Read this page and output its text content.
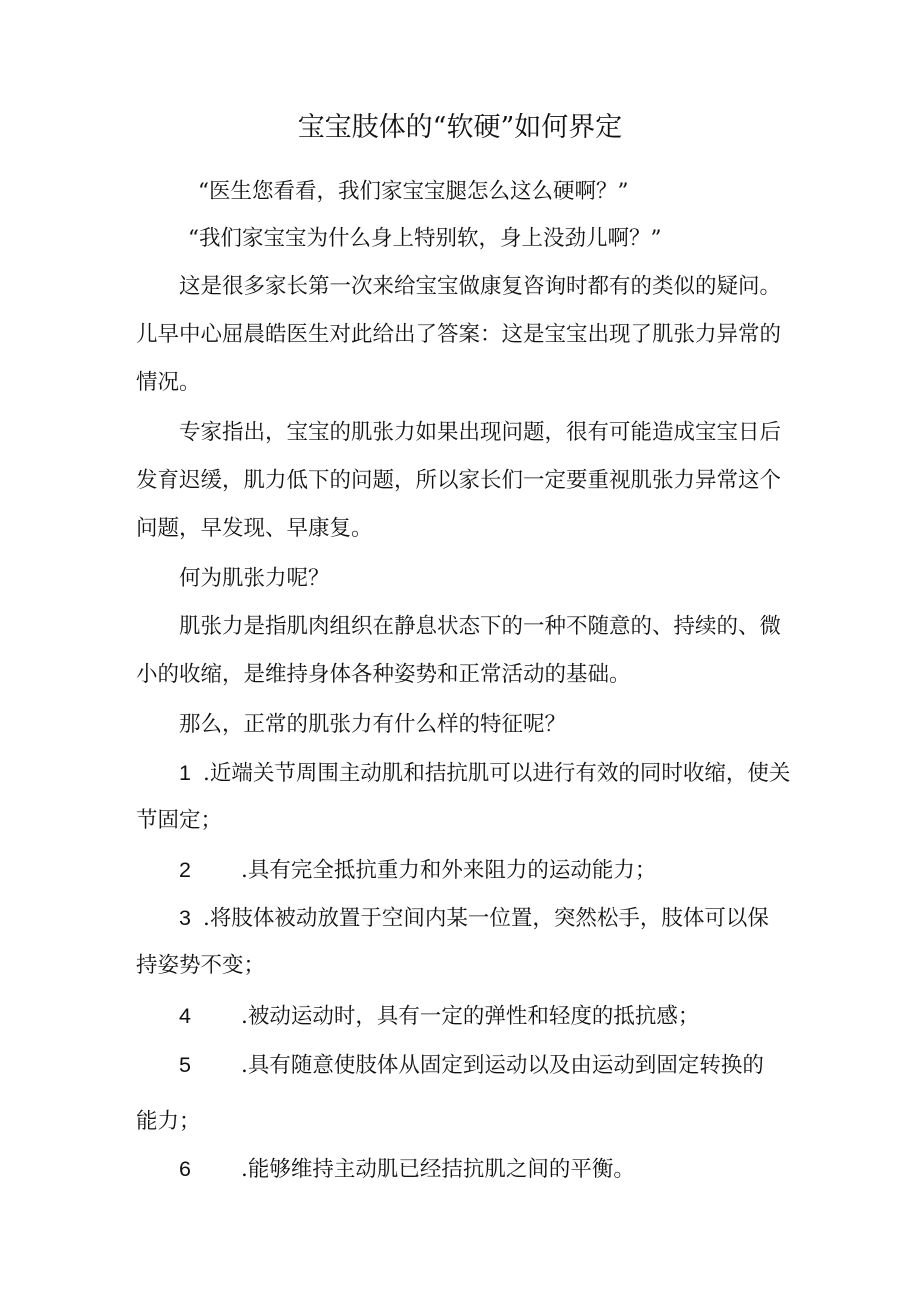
宝宝肢体的“软硬”如何界定
“医生您看看，我们家宝宝腿怎么这么硬啊？”
“我们家宝宝为什么身上特别软，身上没劲儿啊？”
这是很多家长第一次来给宝宝做康复咨询时都有的类似的疑问。
儿早中心屈晨皓医生对此给出了答案：这是宝宝出现了肌张力异常的
情况。
专家指出，宝宝的肌张力如果出现问题，很有可能造成宝宝日后
发育迟缓，肌力低下的问题，所以家长们一定要重视肌张力异常这个
问题，早发现、早康复。
何为肌张力呢？
肌张力是指肌肉组织在静息状态下的一种不随意的、持续的、微
小的收缩，是维持身体各种姿势和正常活动的基础。
那么，正常的肌张力有什么样的特征呢？
1 .近端关节周围主动肌和拮抗肌可以进行有效的同时收缩，使关
节固定；
2 .具有完全抵抗重力和外来阻力的运动能力；
3 .将肢体被动放置于空间内某一位置，突然松手，肢体可以保
持姿势不变；
4 .被动运动时，具有一定的弹性和轻度的抵抗感；
5 .具有随意使肢体从固定到运动以及由运动到固定转换的
能力；
6 .能够维持主动肌已经拮抗肌之间的平衡。
